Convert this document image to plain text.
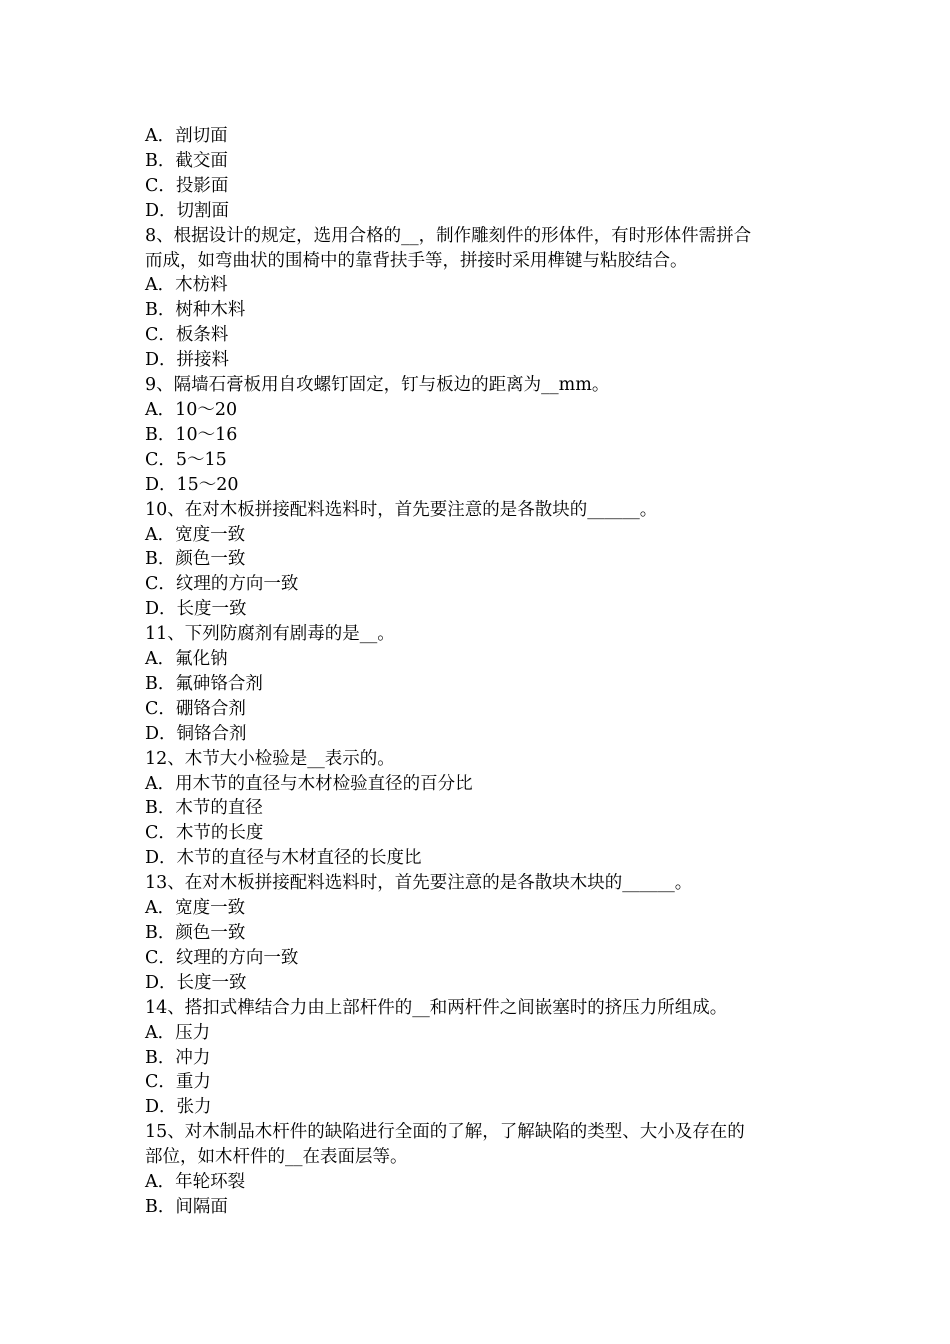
A．剖切面
B．截交面
C．投影面
D．切割面
8、根据设计的规定，选用合格的__，制作雕刻件的形体件，有时形体件需拼合
而成，如弯曲状的围椅中的靠背扶手等，拼接时采用榫键与粘胶结合。
A．木枋料
B．树种木料
C．板条料
D．拼接料
9、隔墙石膏板用自攻螺钉固定，钉与板边的距离为__mm。
A．10～20
B．10～16
C．5～15
D．15～20
10、在对木板拼接配料选料时，首先要注意的是各散块的______。
A．宽度一致
B．颜色一致
C．纹理的方向一致
D．长度一致
11、下列防腐剂有剧毒的是__。
A．氟化钠
B．氟砷铬合剂
C．硼铬合剂
D．铜铬合剂
12、木节大小检验是__表示的。
A．用木节的直径与木材检验直径的百分比
B．木节的直径
C．木节的长度
D．木节的直径与木材直径的长度比
13、在对木板拼接配料选料时，首先要注意的是各散块木块的______。
A．宽度一致
B．颜色一致
C．纹理的方向一致
D．长度一致
14、搭扣式榫结合力由上部杆件的__和两杆件之间嵌塞时的挤压力所组成。
A．压力
B．冲力
C．重力
D．张力
15、对木制品木杆件的缺陷进行全面的了解，了解缺陷的类型、大小及存在的
部位，如木杆件的__在表面层等。
A．年轮环裂
B．间隔面
